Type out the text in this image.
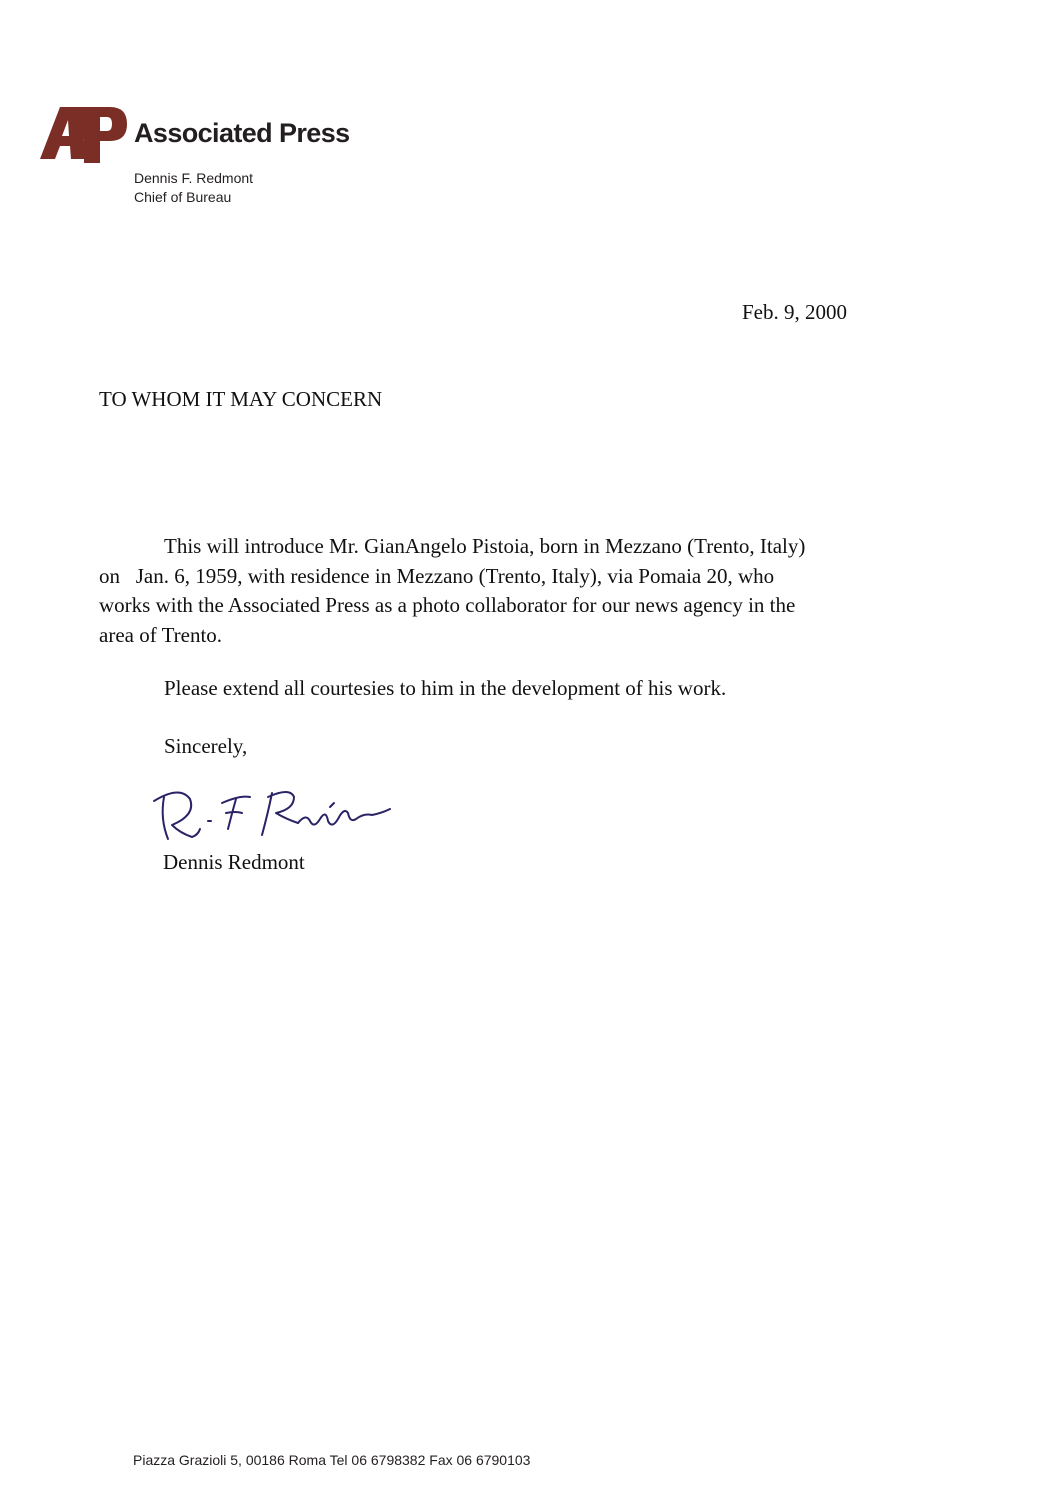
Associated Press
Dennis F. Redmont
Chief of Bureau
Feb. 9, 2000
TO WHOM IT MAY CONCERN

This will introduce Mr. GianAngelo Pistoia, born in Mezzano (Trento, Italy)
on   Jan. 6, 1959, with residence in Mezzano (Trento, Italy), via Pomaia 20, who
works with the Associated Press as a photo collaborator for our news agency in the
area of Trento.

Please extend all courtesies to him in the development of his work.
Sincerely,
Dennis Redmont
Piazza Grazioli 5, 00186 Roma Tel 06 6798382 Fax 06 6790103
